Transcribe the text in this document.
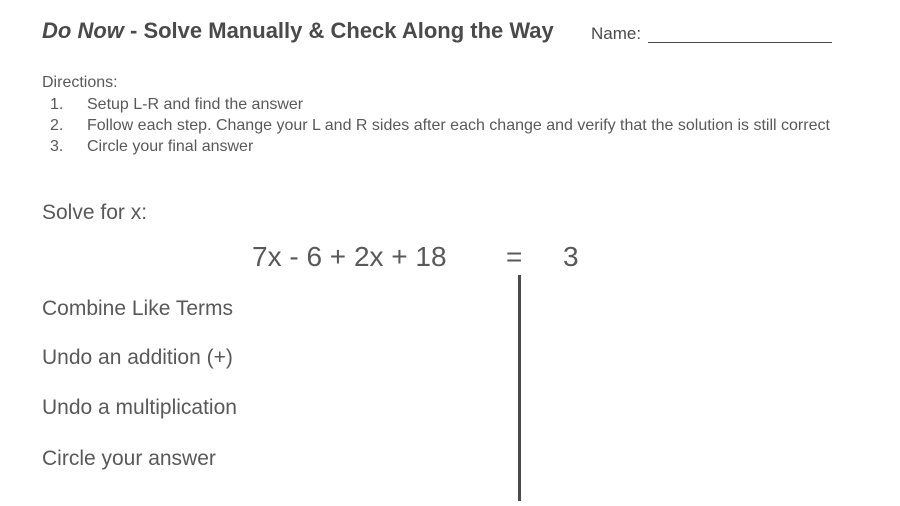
Do Now - Solve Manually & Check Along the Way Name:
Directions:
1. Setup L-R and find the answer
2. Follow each step. Change your L and R sides after each change and verify that the solution is still correct
3. Circle your final answer
Solve for x:
7x - 6 + 2x + 18 = 3
Combine Like Terms
Undo an addition (+)
Undo a multiplication
Circle your answer
